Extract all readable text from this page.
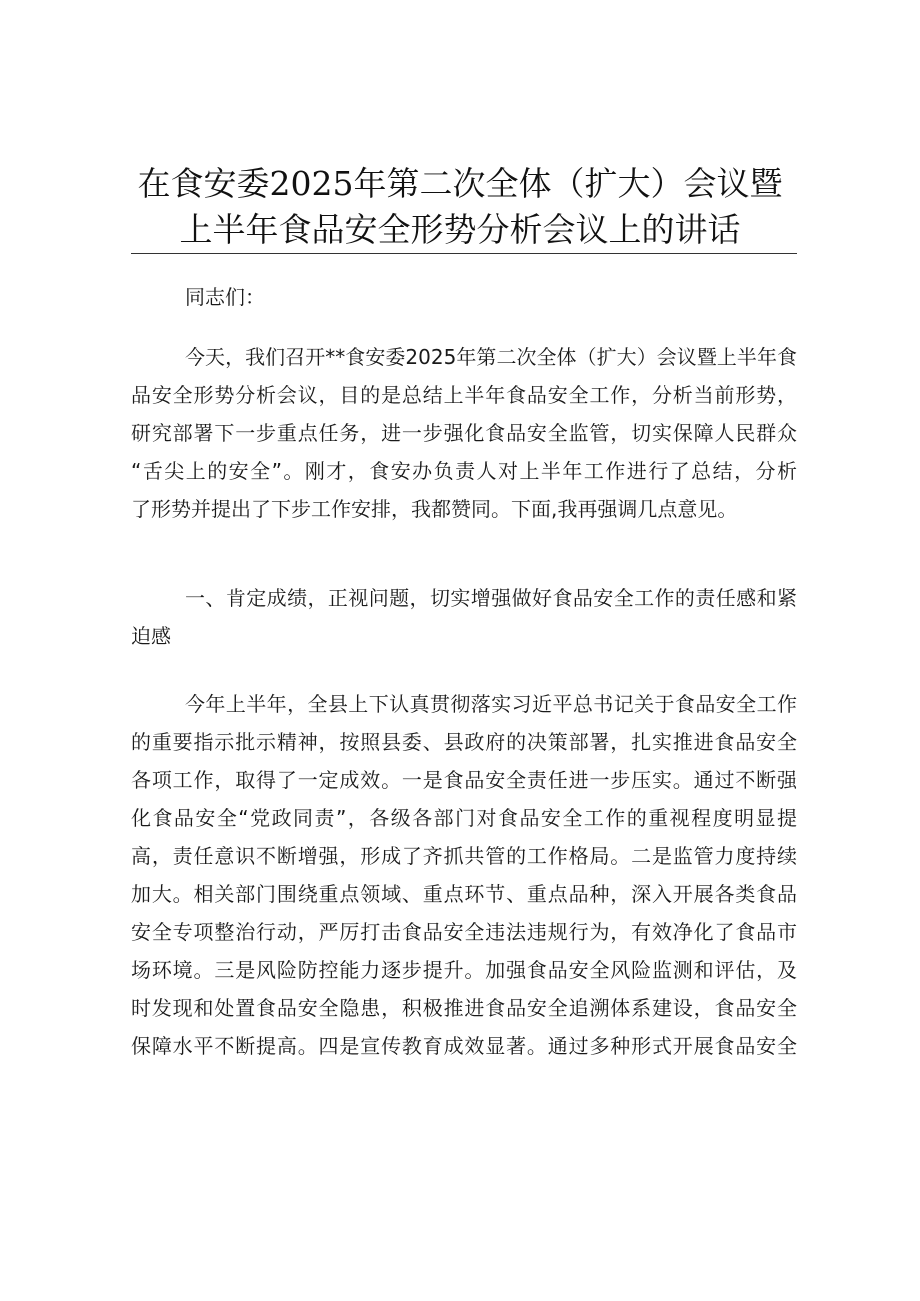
在食安委2025年第二次全体（扩大）会议暨
上半年食品安全形势分析会议上的讲话
同志们：
今天，我们召开**食安委2025年第二次全体（扩大）会议暨上半年食
品安全形势分析会议，目的是总结上半年食品安全工作，分析当前形势，
研究部署下一步重点任务，进一步强化食品安全监管，切实保障人民群众
“舌尖上的安全”。刚才，食安办负责人对上半年工作进行了总结，分析
了形势并提出了下步工作安排，我都赞同。下面,我再强调几点意见。
一、肯定成绩，正视问题，切实增强做好食品安全工作的责任感和紧
迫感
今年上半年，全县上下认真贯彻落实习近平总书记关于食品安全工作
的重要指示批示精神，按照县委、县政府的决策部署，扎实推进食品安全
各项工作，取得了一定成效。一是食品安全责任进一步压实。通过不断强
化食品安全“党政同责”，各级各部门对食品安全工作的重视程度明显提
高，责任意识不断增强，形成了齐抓共管的工作格局。二是监管力度持续
加大。相关部门围绕重点领域、重点环节、重点品种，深入开展各类食品
安全专项整治行动，严厉打击食品安全违法违规行为，有效净化了食品市
场环境。三是风险防控能力逐步提升。加强食品安全风险监测和评估，及
时发现和处置食品安全隐患，积极推进食品安全追溯体系建设，食品安全
保障水平不断提高。四是宣传教育成效显著。通过多种形式开展食品安全
